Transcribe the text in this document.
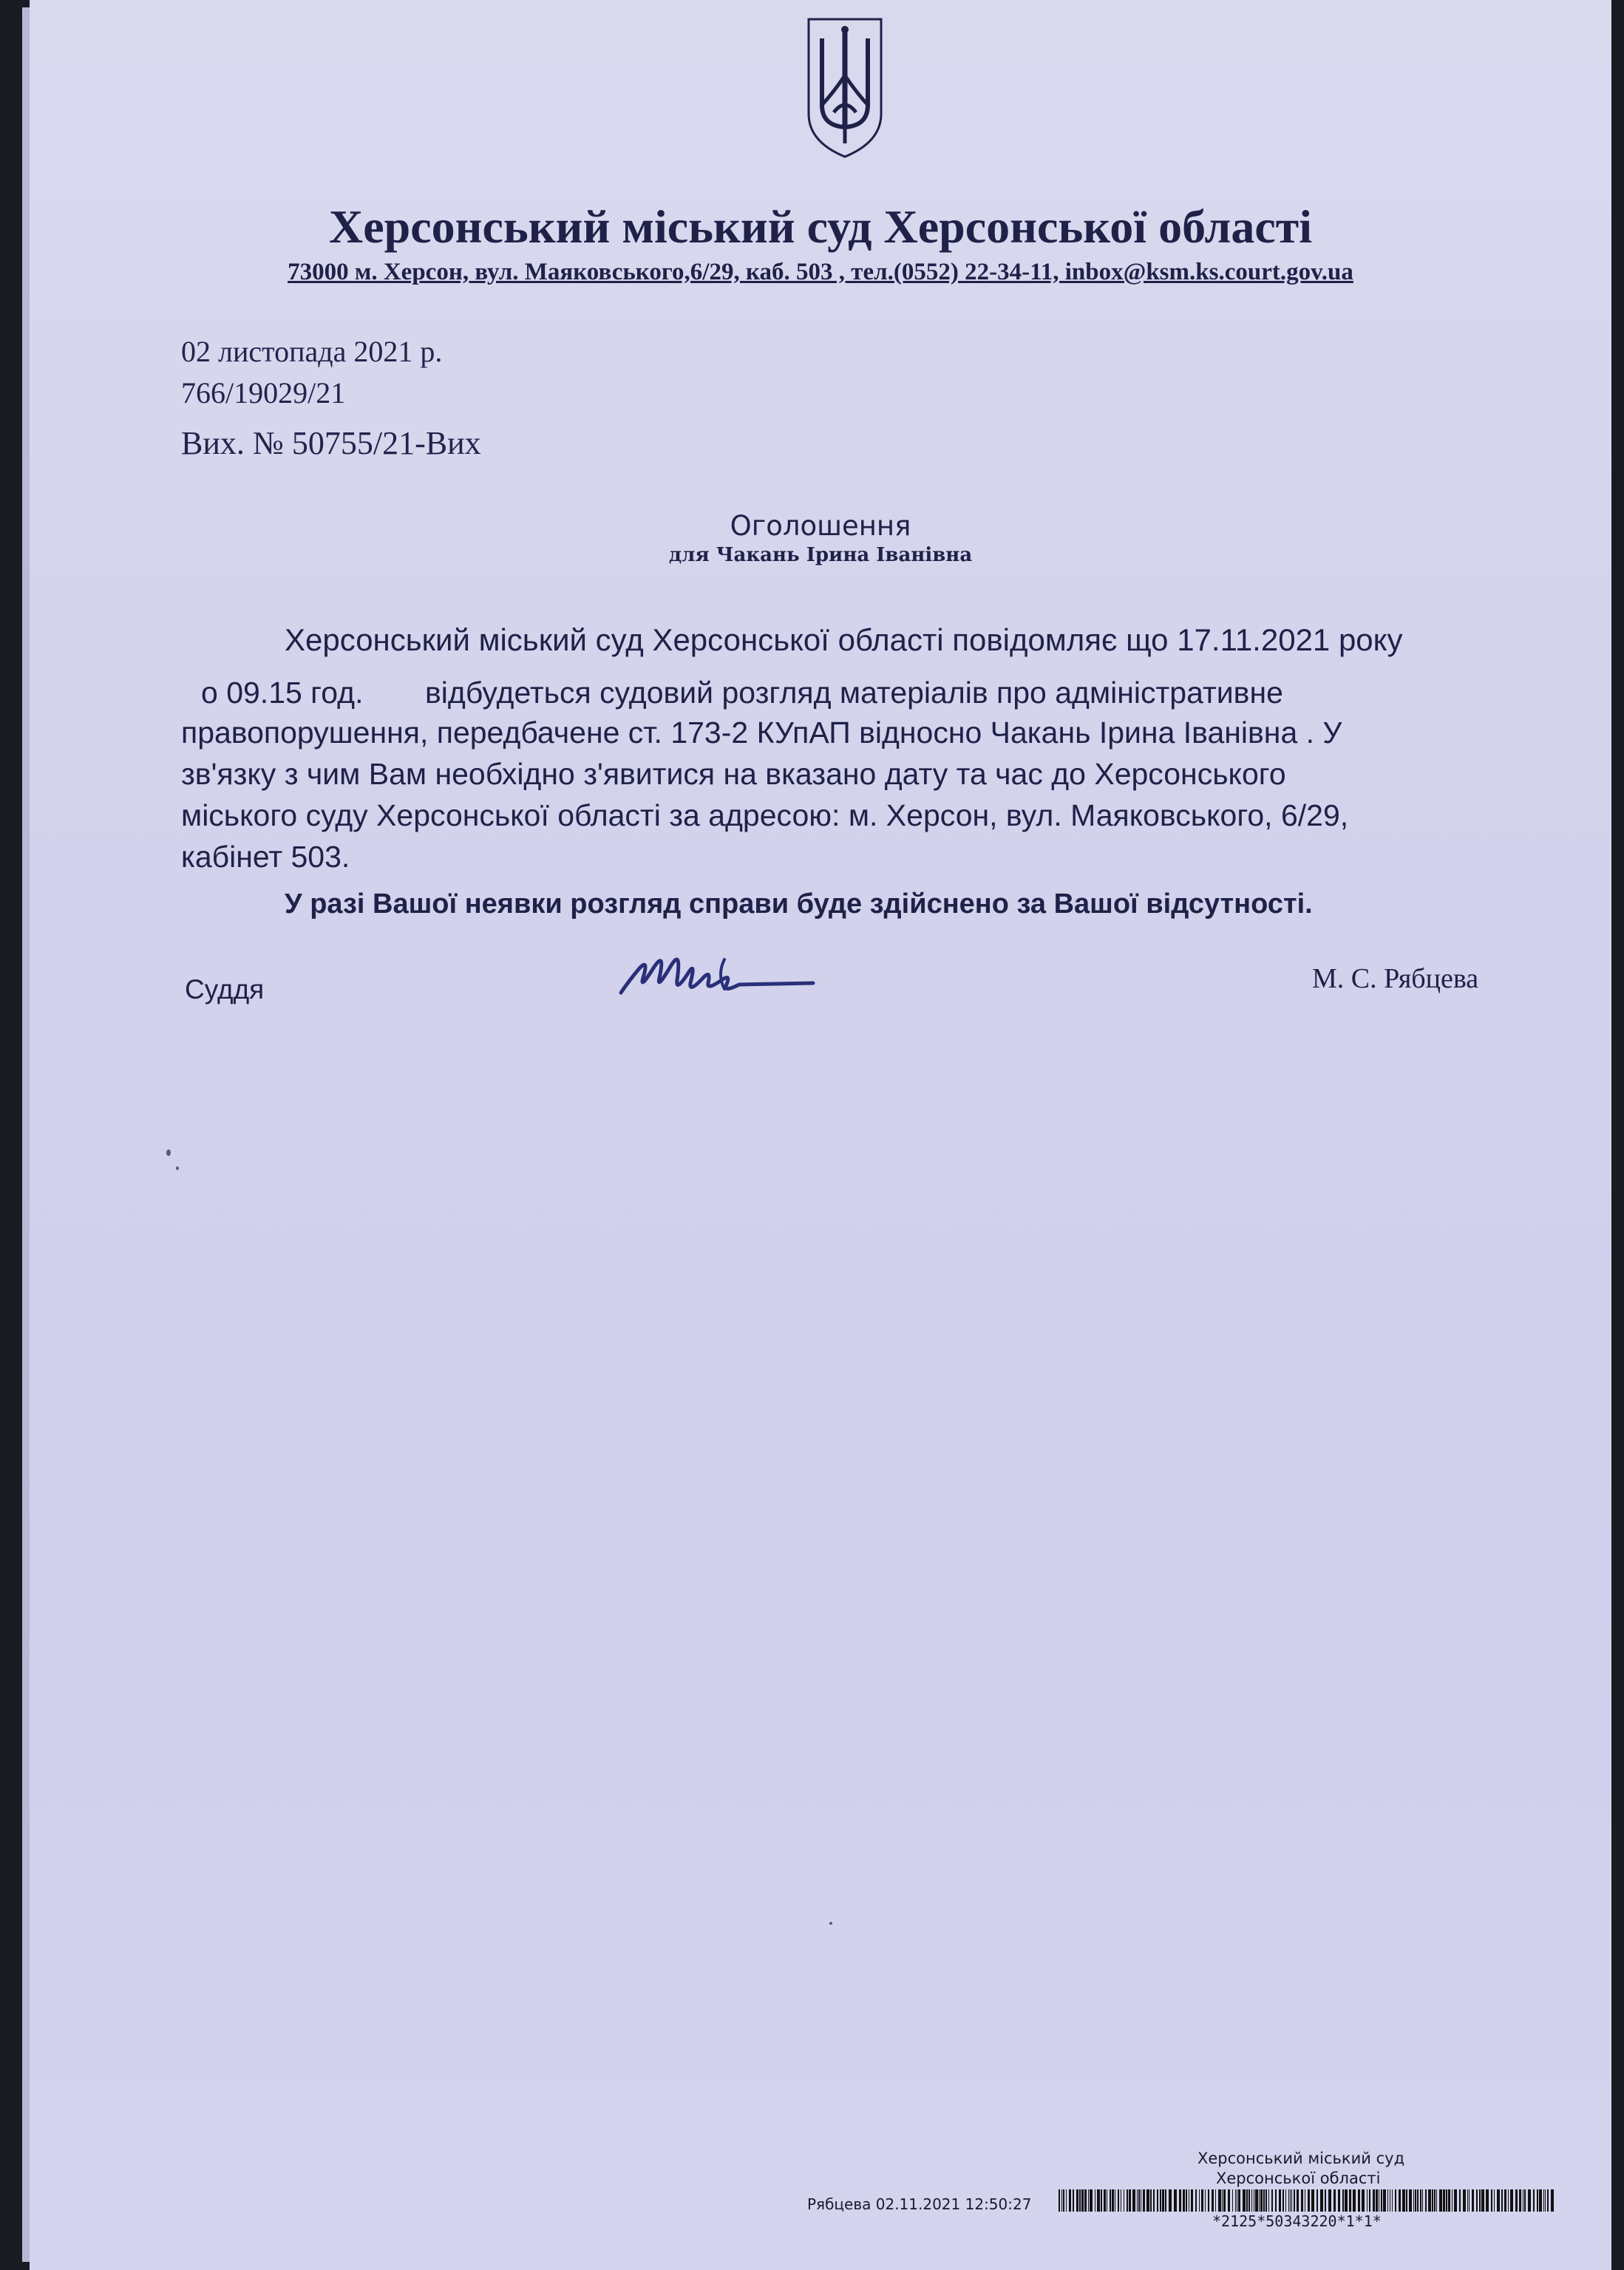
Херсонський міський суд Херсонської області
73000 м. Херсон, вул. Маяковського,6/29, каб. 503 , тел.(0552) 22-34-11, inbox@ksm.ks.court.gov.ua
02 листопада 2021 р.
766/19029/21
Вих. № 50755/21-Вих
Оголошення
для Чакань Ірина Іванівна
Херсонський міський суд Херсонської області повідомляє що 17.11.2021 року
о 09.15 год. відбудеться судовий розгляд матеріалів про адміністративне
правопорушення, передбачене ст. 173-2 КУпАП відносно Чакань Ірина Іванівна . У
зв'язку з чим Вам необхідно з'явитися на вказано дату та час до Херсонського
міського суду Херсонської області за адресою: м. Херсон, вул. Маяковського, 6/29,
кабінет 503.
У разі Вашої неявки розгляд справи буде здійснено за Вашої відсутності.
Суддя	М. С. Рябцева
Херсонський міський суд
Херсонської області
Рябцева 02.11.2021 12:50:27
*2125*50343220*1*1*
